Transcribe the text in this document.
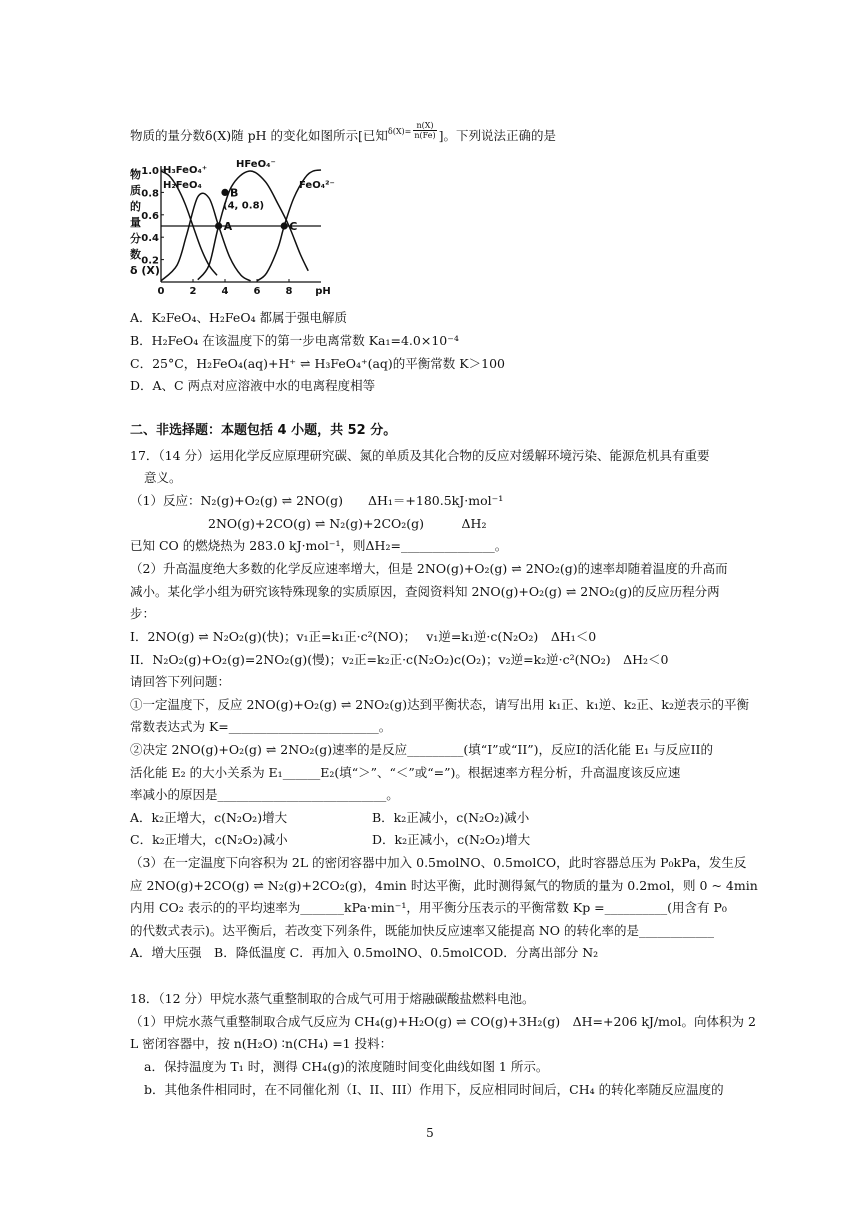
物质的量分数δ(X)随 pH 的变化如图所示[已知$^{\delta(X)=} \frac{n(X)}{n(Fe)}$ ]。下列说法正确的是
0	2	4	6	8 pH
0.2
0.4
0.6
0.8
1.0
物
质
的
量
分
数
δ (X)
H₃FeO₄⁺
H₂FeO₄
HFeO₄⁻
FeO₄²⁻
A
B
(4, 0.8)
C
A．K₂FeO₄、H₂FeO₄ 都属于强电解质
B．H₂FeO₄ 在该温度下的第一步电离常数 Ka₁=4.0×10⁻⁴
C．25°C，H₂FeO₄(aq)+H⁺ ⇌ H₃FeO₄⁺(aq)的平衡常数 K＞100
D．A、C 两点对应溶液中水的电离程度相等
二、非选择题：本题包括 4 小题，共 52 分。
17．（14 分）运用化学反应原理研究碳、氮的单质及其化合物的反应对缓解环境污染、能源危机具有重要
意义。
（1）反应：N₂(g)+O₂(g) ⇌ 2NO(g)　　ΔH₁＝+180.5kJ·mol⁻¹
2NO(g)+2CO(g) ⇌ N₂(g)+2CO₂(g)　　　ΔH₂
已知 CO 的燃烧热为 283.0 kJ·mol⁻¹，则ΔH₂=_______________。
（2）升高温度绝大多数的化学反应速率增大，但是 2NO(g)+O₂(g) ⇌ 2NO₂(g)的速率却随着温度的升高而
减小。某化学小组为研究该特殊现象的实质原因，查阅资料知 2NO(g)+O₂(g) ⇌ 2NO₂(g)的反应历程分两
步：
I．2NO(g) ⇌ N₂O₂(g)(快)；v₁正=k₁正·c²(NO)；　 v₁逆=k₁逆·c(N₂O₂)　ΔH₁＜0
II．N₂O₂(g)+O₂(g)=2NO₂(g)(慢)；v₂正=k₂正·c(N₂O₂)c(O₂)；v₂逆=k₂逆·c²(NO₂)　ΔH₂＜0
请回答下列问题：
①一定温度下，反应 2NO(g)+O₂(g) ⇌ 2NO₂(g)达到平衡状态，请写出用 k₁正、k₁逆、k₂正、k₂逆表示的平衡
常数表达式为 K=________________________。
②决定 2NO(g)+O₂(g) ⇌ 2NO₂(g)速率的是反应_________(填“I”或“II”)，反应I的活化能 E₁ 与反应II的
活化能 E₂ 的大小关系为 E₁______E₂(填“＞”、“＜”或“=”)。根据速率方程分析，升高温度该反应速
率减小的原因是___________________________。
A．k₂正增大，c(N₂O₂)增大	B．k₂正减小，c(N₂O₂)减小
C．k₂正增大，c(N₂O₂)减小	D．k₂正减小，c(N₂O₂)增大
（3）在一定温度下向容积为 2L 的密闭容器中加入 0.5molNO、0.5molCO，此时容器总压为 P₀kPa，发生反
应 2NO(g)+2CO(g) ⇌ N₂(g)+2CO₂(g)，4min 时达平衡，此时测得氮气的物质的量为 0.2mol，则 0 ~ 4min
内用 CO₂ 表示的的平均速率为_______kPa·min⁻¹，用平衡分压表示的平衡常数 Kp =__________(用含有 P₀
的代数式表示)。达平衡后，若改变下列条件，既能加快反应速率又能提高 NO 的转化率的是____________
A．增大压强　B．降低温度 C．再加入 0.5molNO、0.5molCOD．分离出部分 N₂
18．（12 分）甲烷水蒸气重整制取的合成气可用于熔融碳酸盐燃料电池。
（1）甲烷水蒸气重整制取合成气反应为 CH₄(g)+H₂O(g) ⇌ CO(g)+3H₂(g)　ΔH=+206 kJ/mol。向体积为 2
L 密闭容器中，按 n(H₂O) ∶n(CH₄) =1 投料：
a．保持温度为 T₁ 时，测得 CH₄(g)的浓度随时间变化曲线如图 1 所示。
b．其他条件相同时，在不同催化剂（I、II、III）作用下，反应相同时间后，CH₄ 的转化率随反应温度的
5
